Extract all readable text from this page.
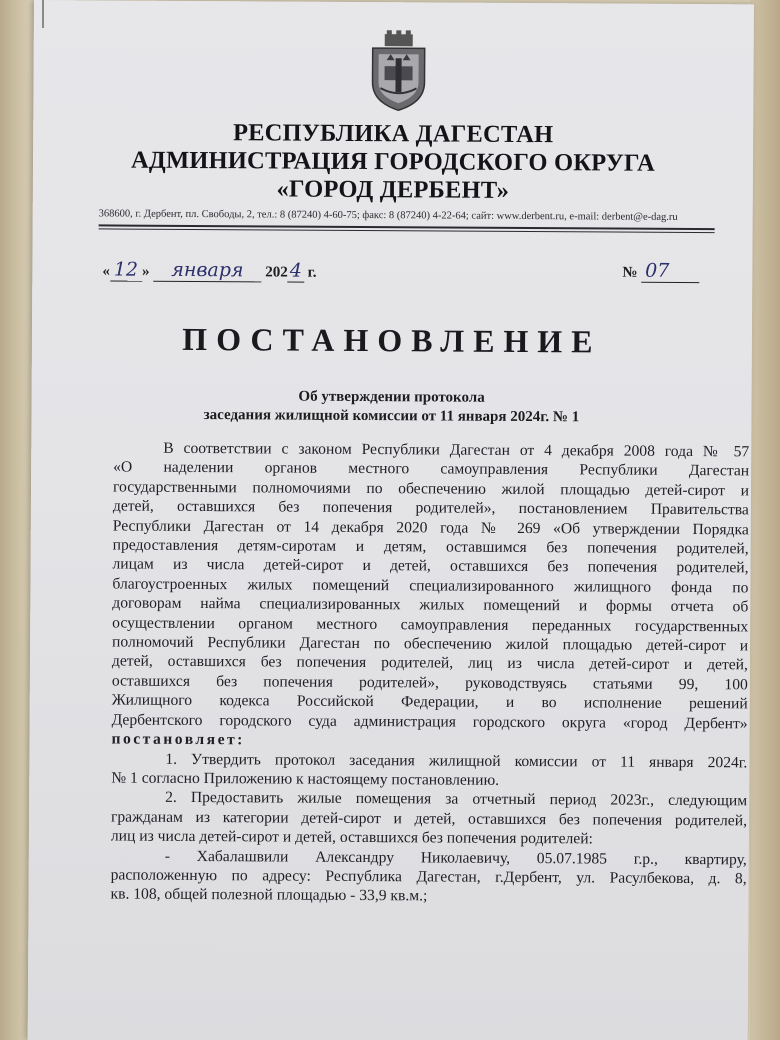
РЕСПУБЛИКА ДАГЕСТАН
АДМИНИСТРАЦИЯ ГОРОДСКОГО ОКРУГА
«ГОРОД ДЕРБЕНТ»
368600, г. Дербент, пл. Свободы, 2, тел.: 8 (87240) 4-60-75; факс: 8 (87240) 4-22-64; сайт: www.derbent.ru, e-mail: derbent@e-dag.ru
« 12 » января 2024 г.	№ 07
ПОСТАНОВЛЕНИЕ
Об утверждении протокола
заседания жилищной комиссии от 11 января 2024г. № 1
В соответствии с законом Республики Дагестан от 4 декабря 2008 года № 57
«О наделении органов местного самоуправления Республики Дагестан
государственными полномочиями по обеспечению жилой площадью детей-сирот и
детей, оставшихся без попечения родителей», постановлением Правительства
Республики Дагестан от 14 декабря 2020 года № 269 «Об утверждении Порядка
предоставления детям-сиротам и детям, оставшимся без попечения родителей,
лицам из числа детей-сирот и детей, оставшихся без попечения родителей,
благоустроенных жилых помещений специализированного жилищного фонда по
договорам найма специализированных жилых помещений и формы отчета об
осуществлении органом местного самоуправления переданных государственных
полномочий Республики Дагестан по обеспечению жилой площадью детей-сирот и
детей, оставшихся без попечения родителей, лиц из числа детей-сирот и детей,
оставшихся без попечения родителей», руководствуясь статьями 99, 100
Жилищного кодекса Российской Федерации, и во исполнение решений
Дербентского городского суда администрация городского округа «город Дербент»
постановляет:
1. Утвердить протокол заседания жилищной комиссии от 11 января 2024г.
№ 1 согласно Приложению к настоящему постановлению.
2. Предоставить жилые помещения за отчетный период 2023г., следующим
гражданам из категории детей-сирот и детей, оставшихся без попечения родителей,
лиц из числа детей-сирот и детей, оставшихся без попечения родителей:
- Хабалашвили Александру Николаевичу, 05.07.1985 г.р., квартиру,
расположенную по адресу: Республика Дагестан, г.Дербент, ул. Расулбекова, д. 8,
кв. 108, общей полезной площадью - 33,9 кв.м.;
